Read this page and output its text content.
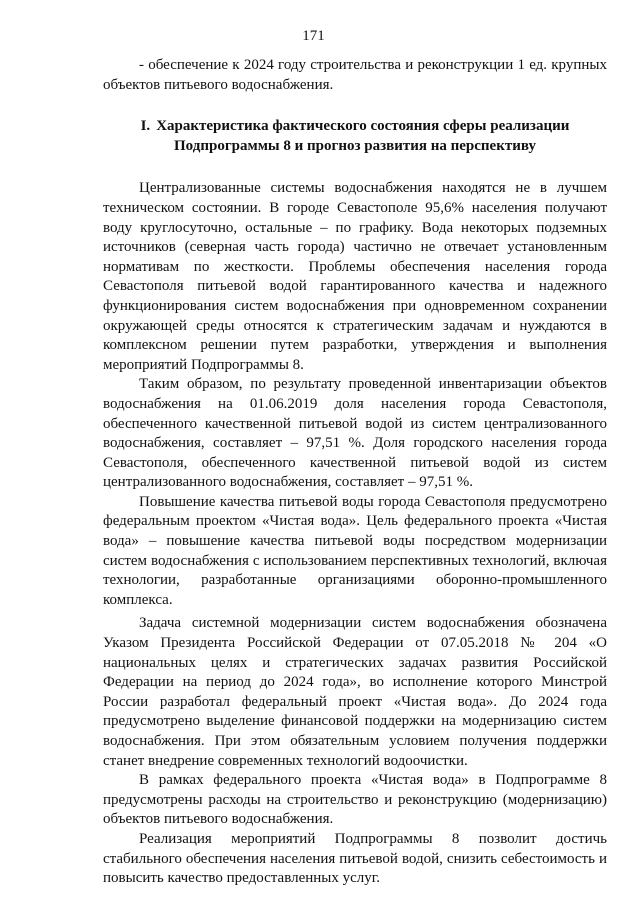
171

- обеспечение к 2024 году строительства и реконструкции 1 ед. крупных объектов питьевого водоснабжения.

I. Характеристика фактического состояния сферы реализации Подпрограммы 8 и прогноз развития на перспективу

Централизованные системы водоснабжения находятся не в лучшем техническом состоянии. В городе Севастополе 95,6% населения получают воду круглосуточно, остальные – по графику. Вода некоторых подземных источников (северная часть города) частично не отвечает установленным нормативам по жесткости. Проблемы обеспечения населения города Севастополя питьевой водой гарантированного качества и надежного функционирования систем водоснабжения при одновременном сохранении окружающей среды относятся к стратегическим задачам и нуждаются в комплексном решении путем разработки, утверждения и выполнения мероприятий Подпрограммы 8.

Таким образом, по результату проведенной инвентаризации объектов водоснабжения на 01.06.2019 доля населения города Севастополя, обеспеченного качественной питьевой водой из систем централизованного водоснабжения, составляет – 97,51 %. Доля городского населения города Севастополя, обеспеченного качественной питьевой водой из систем централизованного водоснабжения, составляет – 97,51 %.

Повышение качества питьевой воды города Севастополя предусмотрено федеральным проектом «Чистая вода». Цель федерального проекта «Чистая вода» – повышение качества питьевой воды посредством модернизации систем водоснабжения с использованием перспективных технологий, включая технологии, разработанные организациями оборонно-промышленного комплекса.

Задача системной модернизации систем водоснабжения обозначена Указом Президента Российской Федерации от 07.05.2018 № 204 «О национальных целях и стратегических задачах развития Российской Федерации на период до 2024 года», во исполнение которого Минстрой России разработал федеральный проект «Чистая вода». До 2024 года предусмотрено выделение финансовой поддержки на модернизацию систем водоснабжения. При этом обязательным условием получения поддержки станет внедрение современных технологий водоочистки.

В рамках федерального проекта «Чистая вода» в Подпрограмме 8 предусмотрены расходы на строительство и реконструкцию (модернизацию) объектов питьевого водоснабжения.

Реализация мероприятий Подпрограммы 8 позволит достичь стабильного обеспечения населения питьевой водой, снизить себестоимость и повысить качество предоставленных услуг.
